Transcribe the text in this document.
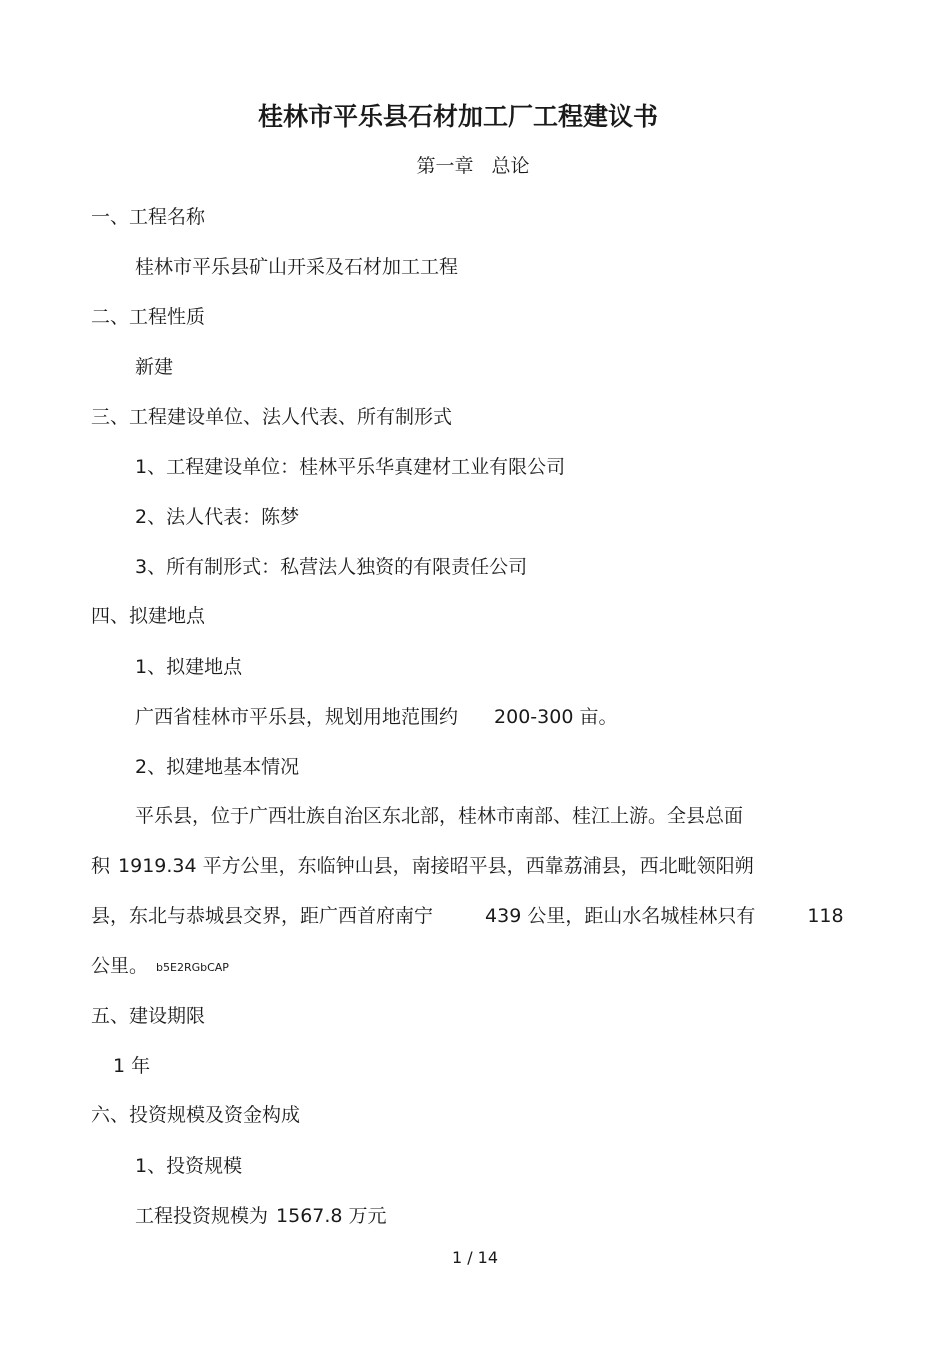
桂林市平乐县石材加工厂工程建议书
第一章 总论

一、工程名称

桂林市平乐县矿山开采及石材加工工程

二、工程性质

新建

三、工程建设单位、法人代表、所有制形式

1、工程建设单位：桂林平乐华真建材工业有限公司

2、法人代表：陈梦

3、所有制形式：私营法人独资的有限责任公司

四、拟建地点

1、拟建地点

广西省桂林市平乐县，规划用地范围约 200-300 亩。

2、拟建地基本情况

平乐县，位于广西壮族自治区东北部，桂林市南部、桂江上游。全县总面

积 1919.34 平方公里，东临钟山县，南接昭平县，西靠荔浦县，西北毗领阳朔

县，东北与恭城县交界，距广西首府南宁	439 公里，距山水名城桂林只有	118

公里。 b5E2RGbCAP

五、建设期限

1 年

六、投资规模及资金构成

1、投资规模

工程投资规模为 1567.8 万元

1 / 14
